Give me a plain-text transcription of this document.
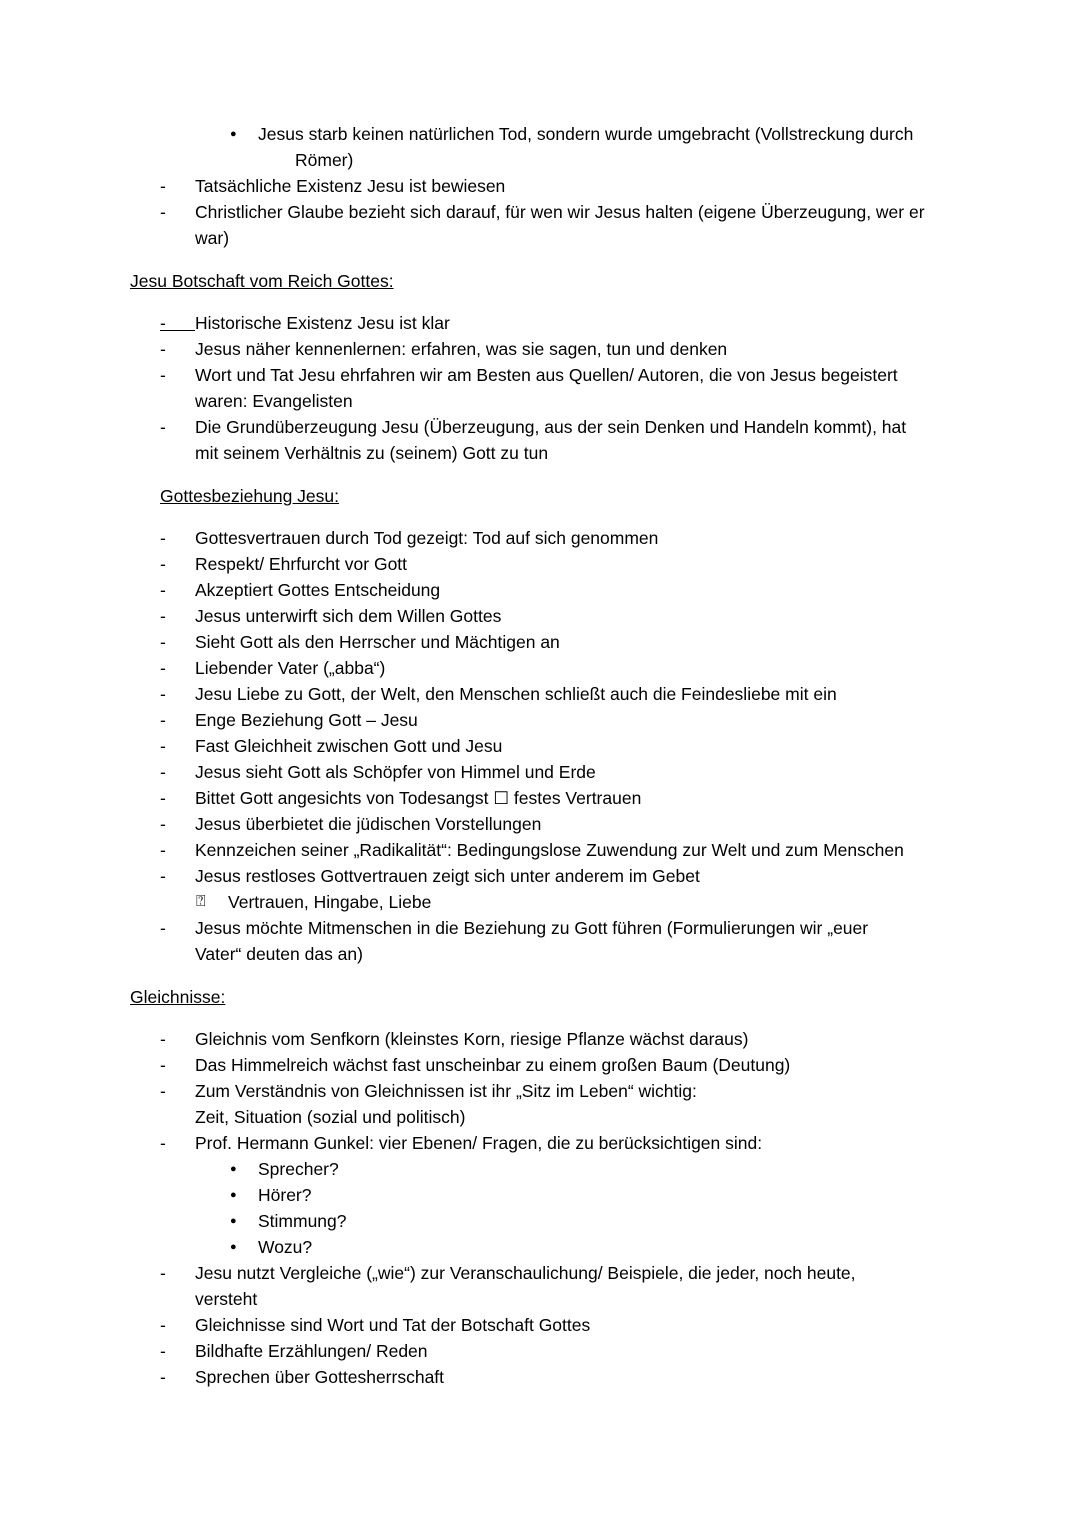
● Jesus starb keinen natürlichen Tod, sondern wurde umgebracht (Vollstreckung durch
Römer)
- Tatsächliche Existenz Jesu ist bewiesen
- Christlicher Glaube bezieht sich darauf, für wen wir Jesus halten (eigene Überzeugung, wer er
war)
Jesu Botschaft vom Reich Gottes:
- Historische Existenz Jesu ist klar
- Jesus näher kennenlernen: erfahren, was sie sagen, tun und denken
- Wort und Tat Jesu ehrfahren wir am Besten aus Quellen/ Autoren, die von Jesus begeistert
waren: Evangelisten
- Die Grundüberzeugung Jesu (Überzeugung, aus der sein Denken und Handeln kommt), hat
mit seinem Verhältnis zu (seinem) Gott zu tun
Gottesbeziehung Jesu:
- Gottesvertrauen durch Tod gezeigt: Tod auf sich genommen
- Respekt/ Ehrfurcht vor Gott
- Akzeptiert Gottes Entscheidung
- Jesus unterwirft sich dem Willen Gottes
- Sieht Gott als den Herrscher und Mächtigen an
- Liebender Vater („abba“)
- Jesu Liebe zu Gott, der Welt, den Menschen schließt auch die Feindesliebe mit ein
- Enge Beziehung Gott – Jesu
- Fast Gleichheit zwischen Gott und Jesu
- Jesus sieht Gott als Schöpfer von Himmel und Erde
- Bittet Gott angesichts von Todesangst ☐ festes Vertrauen
- Jesus überbietet die jüdischen Vorstellungen
- Kennzeichen seiner „Radikalität“: Bedingungslose Zuwendung zur Welt und zum Menschen
- Jesus restloses Gottvertrauen zeigt sich unter anderem im Gebet
⍰ Vertrauen, Hingabe, Liebe
- Jesus möchte Mitmenschen in die Beziehung zu Gott führen (Formulierungen wir „euer
Vater“ deuten das an)
Gleichnisse:
- Gleichnis vom Senfkorn (kleinstes Korn, riesige Pflanze wächst daraus)
- Das Himmelreich wächst fast unscheinbar zu einem großen Baum (Deutung)
- Zum Verständnis von Gleichnissen ist ihr „Sitz im Leben“ wichtig:
Zeit, Situation (sozial und politisch)
- Prof. Hermann Gunkel: vier Ebenen/ Fragen, die zu berücksichtigen sind:
● Sprecher?
● Hörer?
● Stimmung?
● Wozu?
- Jesu nutzt Vergleiche („wie“) zur Veranschaulichung/ Beispiele, die jeder, noch heute,
versteht
- Gleichnisse sind Wort und Tat der Botschaft Gottes
- Bildhafte Erzählungen/ Reden
- Sprechen über Gottesherrschaft
